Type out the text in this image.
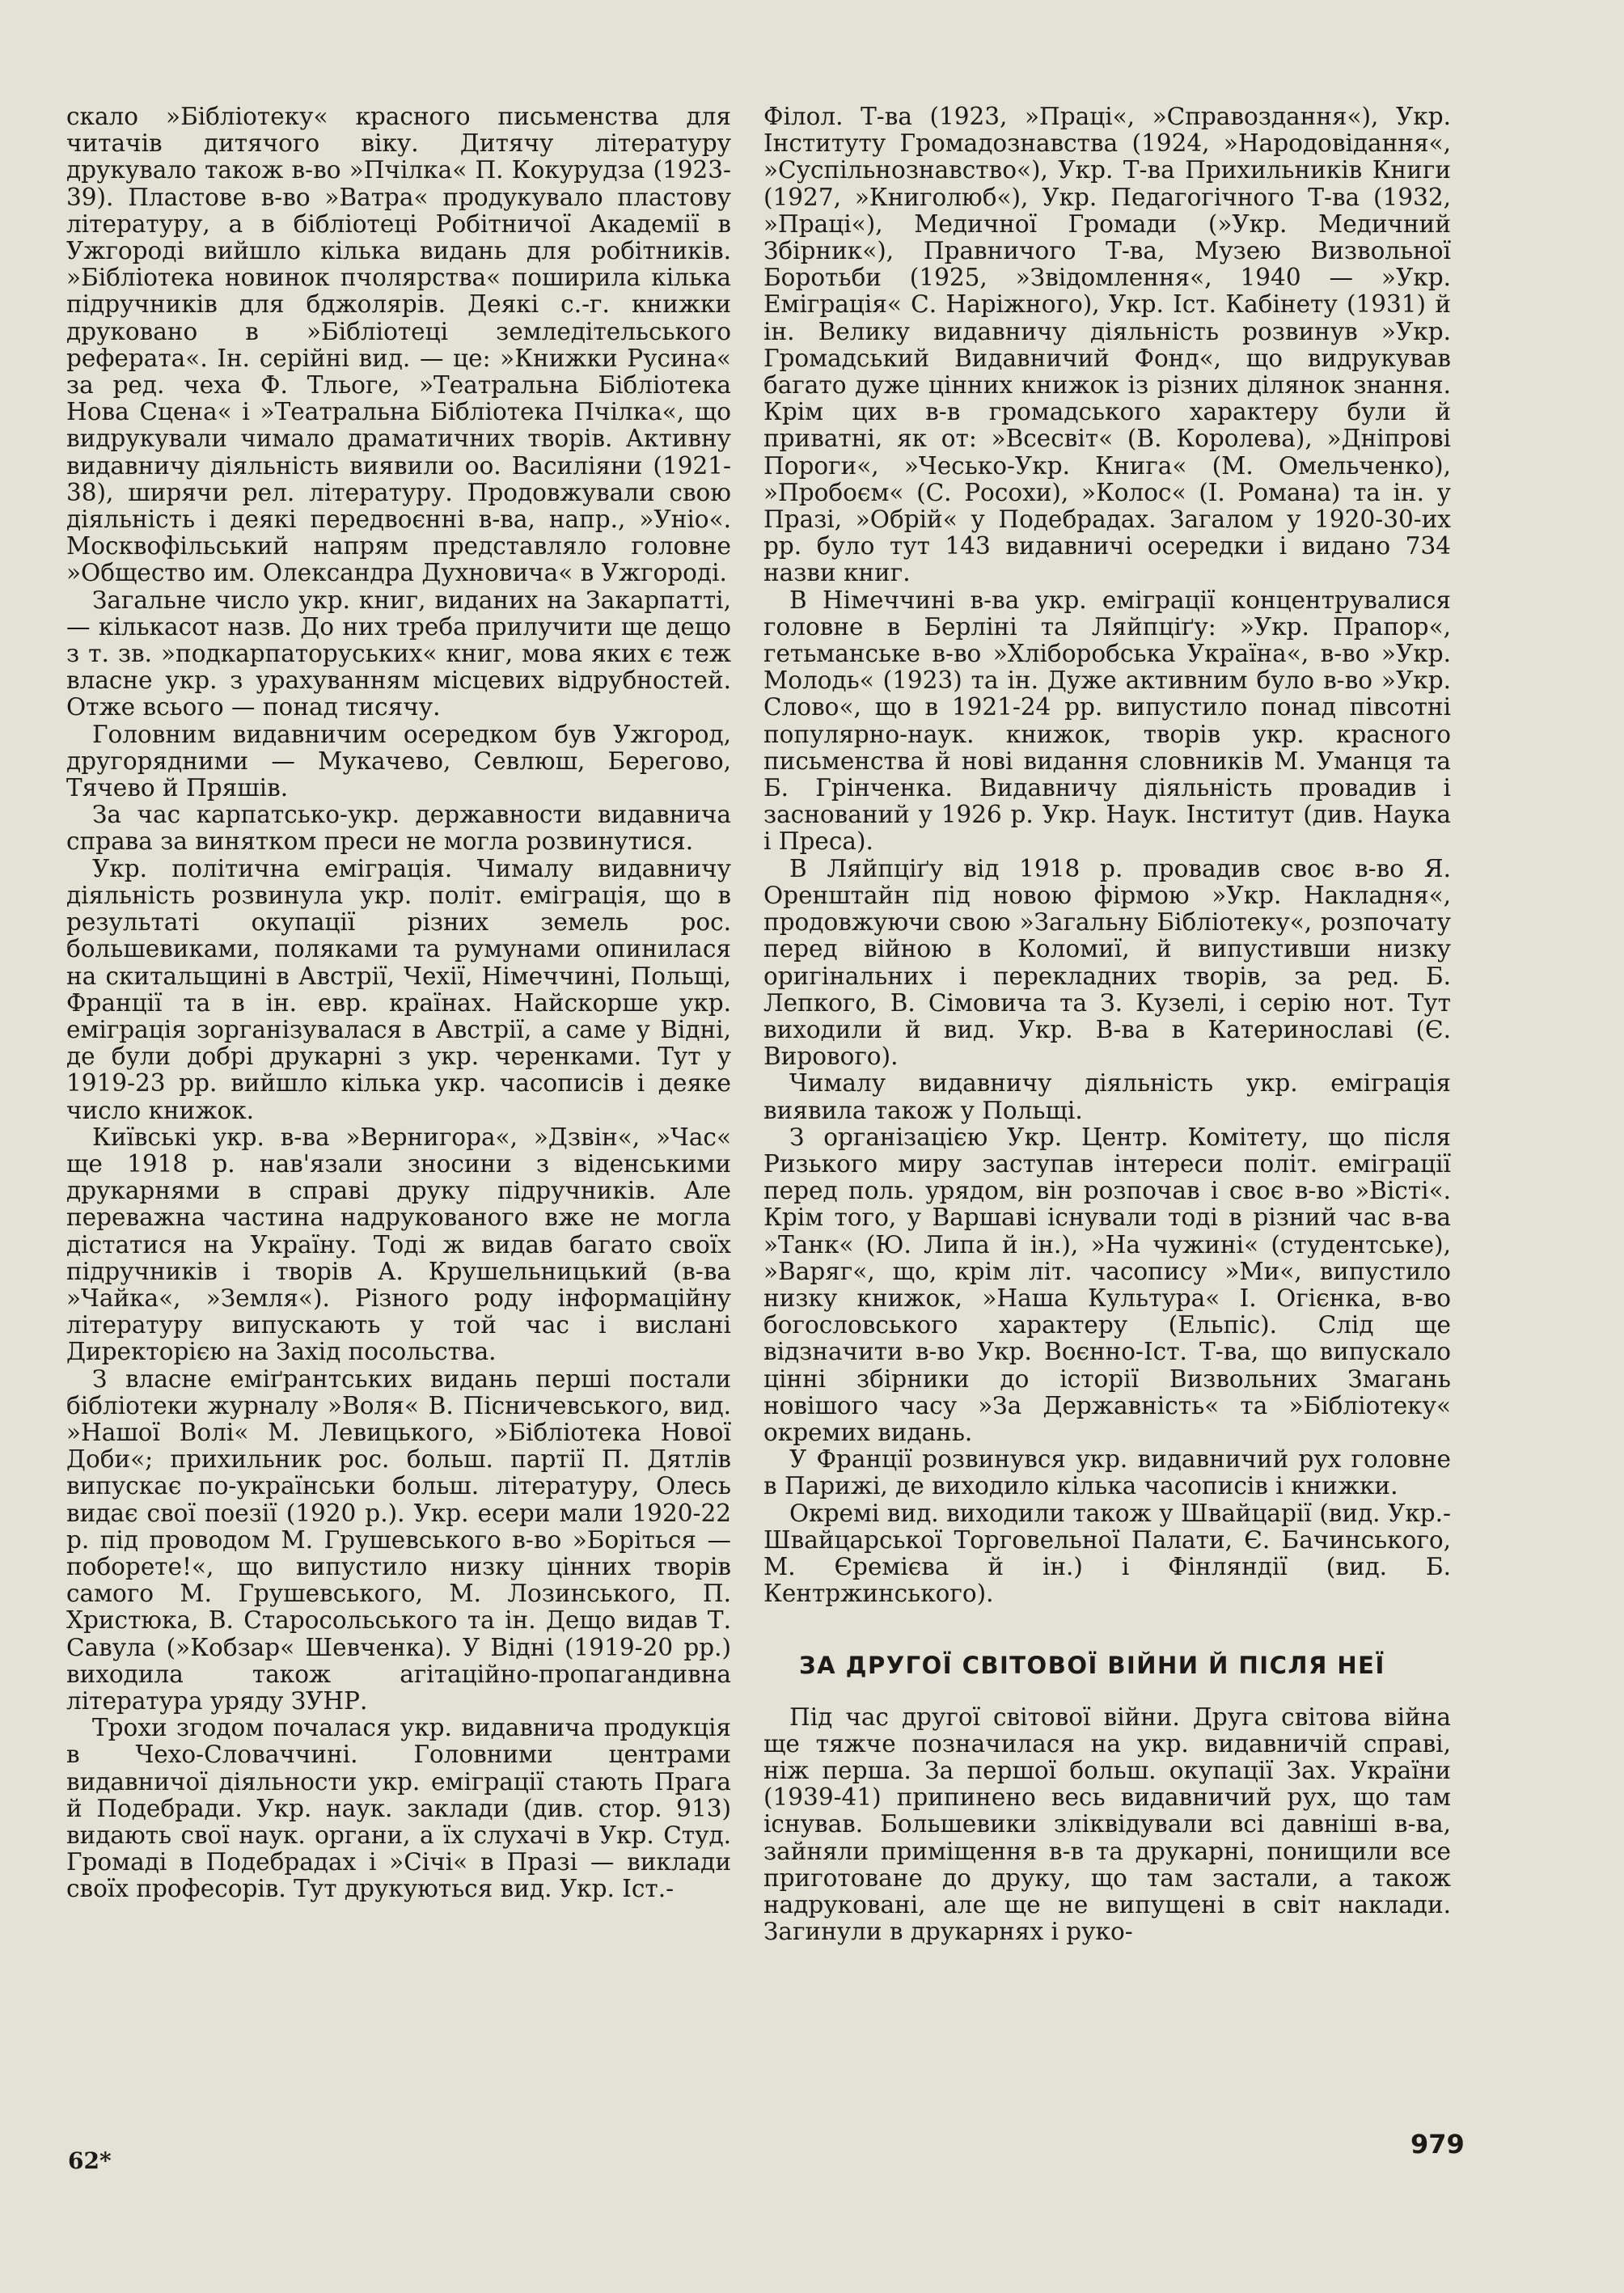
скало »Бібліотеку« красного письменства для читачів дитячого віку. Дитячу літературу друкувало також в-во »Пчілка« П. Кокурудза (1923-39). Пластове в-во »Ватра« продукувало пластову літературу, а в бібліотеці Робітничої Академії в Ужгороді вийшло кілька видань для робітників. »Бібліотека новинок пчолярства« поширила кілька підручників для бджолярів. Деякі с.-г. книжки друковано в »Бібліотеці земледітельського реферата«. Ін. серійні вид. — це: »Книжки Русина« за ред. чеха Ф. Тльоге, »Театральна Бібліотека Нова Сцена« і »Театральна Бібліотека Пчілка«, що видрукували чимало драматичних творів. Активну видавничу діяльність виявили оо. Василіяни (1921-38), ширячи рел. літературу. Продовжували свою діяльність і деякі передвоєнні в-ва, напр., »Уніо«. Москвофільський напрям представляло головне »Общество им. Олександра Духновича« в Ужгороді.

Загальне число укр. книг, виданих на Закарпатті, — кількасот назв. До них треба прилучити ще дещо з т. зв. »подкарпаторуських« книг, мова яких є теж власне укр. з урахуванням місцевих відрубностей. Отже всього — понад тисячу.

Головним видавничим осередком був Ужгород, другорядними — Мукачево, Севлюш, Берегово, Тячево й Пряшів.

За час карпатсько-укр. державности видавнича справа за винятком преси не могла розвинутися.

Укр. політична еміграція. Чималу видавничу діяльність розвинула укр. політ. еміграція, що в результаті окупації різних земель рос. большевиками, поляками та румунами опинилася на скитальщині в Австрії, Чехії, Німеччині, Польщі, Франції та в ін. евр. країнах. Найскорше укр. еміграція зорганізувалася в Австрії, а саме у Відні, де були добрі друкарні з укр. черенками. Тут у 1919-23 рр. вийшло кілька укр. часописів і деяке число книжок.

Київські укр. в-ва »Вернигора«, »Дзвін«, »Час« ще 1918 р. нав'язали зносини з віденськими друкарнями в справі друку підручників. Але переважна частина надрукованого вже не могла дістатися на Україну. Тоді ж видав багато своїх підручників і творів А. Крушельницький (в-ва »Чайка«, »Земля«). Різного роду інформаційну літературу випускають у той час і вислані Директорією на Захід посольства.

З власне еміґрантських видань перші постали бібліотеки журналу »Воля« В. Пісничевського, вид. »Нашої Волі« М. Левицького, »Бібліотека Нової Доби«; прихильник рос. больш. партії П. Дятлів випускає по-українськи больш. літературу, Олесь видає свої поезії (1920 р.). Укр. есери мали 1920-22 р. під проводом М. Грушевського в-во »Боріться — поборете!«, що випустило низку цінних творів самого М. Грушевського, М. Лозинського, П. Христюка, В. Старосольського та ін. Дещо видав Т. Савула (»Кобзар« Шевченка). У Відні (1919-20 рр.) виходила також агітаційно-пропагандивна література уряду ЗУНР.

Трохи згодом почалася укр. видавнича продукція в Чехо-Словаччині. Головними центрами видавничої діяльности укр. еміграції стають Прага й Подебради. Укр. наук. заклади (див. стор. 913) видають свої наук. органи, а їх слухачі в Укр. Студ. Громаді в Подебрадах і »Січі« в Празі — виклади своїх професорів. Тут друкуються вид. Укр. Іст.-

Філол. Т-ва (1923, »Праці«, »Справоздання«), Укр. Інституту Громадознавства (1924, »Народовідання«, »Суспільнознавство«), Укр. Т-ва Прихильників Книги (1927, »Книголюб«), Укр. Педагогічного Т-ва (1932, »Праці«), Медичної Громади (»Укр. Медичний Збірник«), Правничого Т-ва, Музею Визвольної Боротьби (1925, »Звідомлення«, 1940 — »Укр. Еміграція« С. Наріжного), Укр. Іст. Кабінету (1931) й ін. Велику видавничу діяльність розвинув »Укр. Громадський Видавничий Фонд«, що видрукував багато дуже цінних книжок із різних ділянок знання. Крім цих в-в громадського характеру були й приватні, як от: »Всесвіт« (В. Королева), »Дніпрові Пороги«, »Чесько-Укр. Книга« (М. Омельченко), »Пробоєм« (С. Росохи), »Колос« (І. Романа) та ін. у Празі, »Обрій« у Подебрадах. Загалом у 1920-30-их рр. було тут 143 видавничі осередки і видано 734 назви книг.

В Німеччині в-ва укр. еміграції концентрувалися головне в Берліні та Ляйпціґу: »Укр. Прапор«, гетьманське в-во »Хліборобська Україна«, в-во »Укр. Молодь« (1923) та ін. Дуже активним було в-во »Укр. Слово«, що в 1921-24 рр. випустило понад півсотні популярно-наук. книжок, творів укр. красного письменства й нові видання словників М. Уманця та Б. Грінченка. Видавничу діяльність провадив і заснований у 1926 р. Укр. Наук. Інститут (див. Наука і Преса).

В Ляйпціґу від 1918 р. провадив своє в-во Я. Оренштайн під новою фірмою »Укр. Накладня«, продовжуючи свою »Загальну Бібліотеку«, розпочату перед війною в Коломиї, й випустивши низку оригінальних і перекладних творів, за ред. Б. Лепкого, В. Сімовича та З. Кузелі, і серію нот. Тут виходили й вид. Укр. В-ва в Катеринославі (Є. Вирового).

Чималу видавничу діяльність укр. еміграція виявила також у Польщі.

З організацією Укр. Центр. Комітету, що після Ризького миру заступав інтереси політ. еміграції перед поль. урядом, він розпочав і своє в-во »Вісті«. Крім того, у Варшаві існували тоді в різний час в-ва »Танк« (Ю. Липа й ін.), »На чужині« (студентське), »Варяг«, що, крім літ. часопису »Ми«, випустило низку книжок, »Наша Культура« І. Огієнка, в-во богословського характеру (Ельпіс). Слід ще відзначити в-во Укр. Воєнно-Іст. Т-ва, що випускало цінні збірники до історії Визвольних Змагань новішого часу »За Державність« та »Бібліотеку« окремих видань.

У Франції розвинувся укр. видавничий рух головне в Парижі, де виходило кілька часописів і книжки.

Окремі вид. виходили також у Швайцарії (вид. Укр.-Швайцарської Торговельної Палати, Є. Бачинського, М. Єремієва й ін.) і Фінляндії (вид. Б. Кентржинського).

ЗА ДРУГОЇ СВІТОВОЇ ВІЙНИ Й ПІСЛЯ НЕЇ

Під час другої світової війни. Друга світова війна ще тяжче позначилася на укр. видавничій справі, ніж перша. За першої больш. окупації Зах. України (1939-41) припинено весь видавничий рух, що там існував. Большевики зліквідували всі давніші в-ва, зайняли приміщення в-в та друкарні, понищили все приготоване до друку, що там застали, а також надруковані, але ще не випущені в світ наклади. Загинули в друкарнях і руко-

62*
979
